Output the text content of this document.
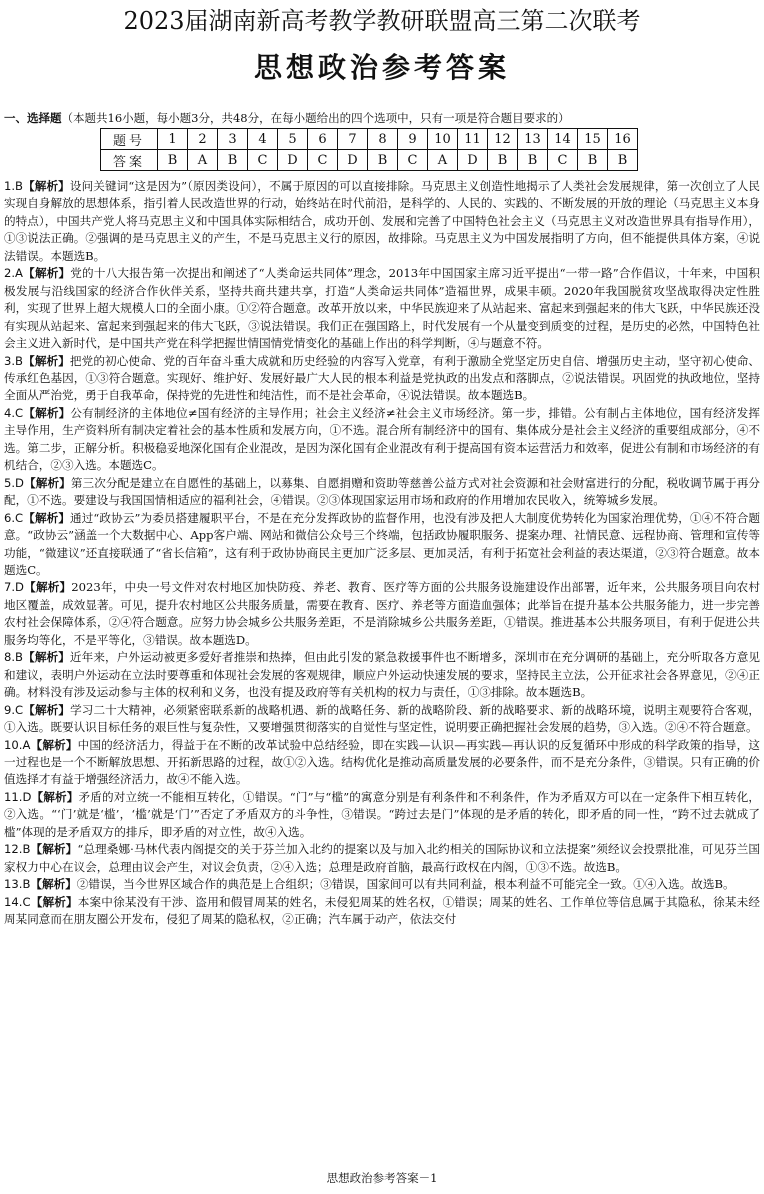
2023届湖南新高考教学教研联盟高三第二次联考
思想政治参考答案
一、选择题（本题共16小题，每小题3分，共48分，在每小题给出的四个选项中，只有一项是符合题目要求的）
题号	1	2	3	4	5	6	7	8	9	10	11	12	13	14	15	16
答案	B	A	B	C	D	C	D	B	C	A	D	B	B	C	B	B

1.B【解析】设问关键词“这是因为”（原因类设问），不属于原因的可以直接排除。马克思主义创造性地揭示了人类社会发展规律，第一次创立了人民实现自身解放的思想体系，指引着人民改造世界的行动，始终站在时代前沿，是科学的、人民的、实践的、不断发展的开放的理论（马克思主义本身的特点），中国共产党人将马克思主义和中国具体实际相结合，成功开创、发展和完善了中国特色社会主义（马克思主义对改造世界具有指导作用），①③说法正确。②强调的是马克思主义的产生，不是马克思主义行的原因，故排除。马克思主义为中国发展指明了方向，但不能提供具体方案，④说法错误。本题选B。

2.A【解析】党的十八大报告第一次提出和阐述了“人类命运共同体”理念，2013年中国国家主席习近平提出“一带一路”合作倡议，十年来，中国积极发展与沿线国家的经济合作伙伴关系，坚持共商共建共享，打造“人类命运共同体”造福世界，成果丰硕。2020年我国脱贫攻坚战取得决定性胜利，实现了世界上超大规模人口的全面小康。①②符合题意。改革开放以来，中华民族迎来了从站起来、富起来到强起来的伟大飞跃，中华民族还没有实现从站起来、富起来到强起来的伟大飞跃，③说法错误。我们正在强国路上，时代发展有一个从量变到质变的过程，是历史的必然，中国特色社会主义进入新时代，是中国共产党在科学把握世情国情党情变化的基础上作出的科学判断，④与题意不符。

3.B【解析】把党的初心使命、党的百年奋斗重大成就和历史经验的内容写入党章，有利于激励全党坚定历史自信、增强历史主动，坚守初心使命、传承红色基因，①③符合题意。实现好、维护好、发展好最广大人民的根本利益是党执政的出发点和落脚点，②说法错误。巩固党的执政地位，坚持全面从严治党，勇于自我革命，保持党的先进性和纯洁性，而不是社会革命，④说法错误。故本题选B。

4.C【解析】公有制经济的主体地位≠国有经济的主导作用；社会主义经济≠社会主义市场经济。第一步，排错。公有制占主体地位，国有经济发挥主导作用，生产资料所有制决定着社会的基本性质和发展方向，①不选。混合所有制经济中的国有、集体成分是社会主义经济的重要组成部分，④不选。第二步，正解分析。积极稳妥地深化国有企业混改，是因为深化国有企业混改有利于提高国有资本运营活力和效率，促进公有制和市场经济的有机结合，②③入选。本题选C。

5.D【解析】第三次分配是建立在自愿性的基础上，以募集、自愿捐赠和资助等慈善公益方式对社会资源和社会财富进行的分配，税收调节属于再分配，①不选。要建设与我国国情相适应的福利社会，④错误。②③体现国家运用市场和政府的作用增加农民收入，统筹城乡发展。

6.C【解析】通过“政协云”为委员搭建履职平台，不是在充分发挥政协的监督作用，也没有涉及把人大制度优势转化为国家治理优势，①④不符合题意。“政协云”涵盖一个大数据中心、App客户端、网站和微信公众号三个终端，包括政协履职服务、提案办理、社情民意、远程协商、管理和宣传等功能，“微建议”还直接联通了“省长信箱”，这有利于政协协商民主更加广泛多层、更加灵活，有利于拓宽社会利益的表达渠道，②③符合题意。故本题选C。

7.D【解析】2023年，中央一号文件对农村地区加快防疫、养老、教育、医疗等方面的公共服务设施建设作出部署，近年来，公共服务项目向农村地区覆盖，成效显著。可见，提升农村地区公共服务质量，需要在教育、医疗、养老等方面造血强体；此举旨在提升基本公共服务能力，进一步完善农村社会保障体系，②④符合题意。应努力协会城乡公共服务差距，不是消除城乡公共服务差距，①错误。推进基本公共服务项目，有利于促进公共服务均等化，不是平等化，③错误。故本题选D。

8.B【解析】近年来，户外运动被更多爱好者推崇和热捧，但由此引发的紧急救援事件也不断增多，深圳市在充分调研的基础上，充分听取各方意见和建议，表明户外运动在立法时要尊重和体现社会发展的客观规律，顺应户外运动快速发展的要求，坚持民主立法，公开征求社会各界意见，②④正确。材料没有涉及运动参与主体的权利和义务，也没有提及政府等有关机构的权力与责任，①③排除。故本题选B。

9.C【解析】学习二十大精神，必须紧密联系新的战略机遇、新的战略任务、新的战略阶段、新的战略要求、新的战略环境，说明主观要符合客观，①入选。既要认识目标任务的艰巨性与复杂性，又要增强贯彻落实的自觉性与坚定性，说明要正确把握社会发展的趋势，③入选。②④不符合题意。

10.A【解析】中国的经济活力，得益于在不断的改革试验中总结经验，即在实践—认识—再实践—再认识的反复循环中形成的科学政策的指导，这一过程也是一个不断解放思想、开拓新思路的过程，故①②入选。结构优化是推动高质量发展的必要条件，而不是充分条件，③错误。只有正确的价值选择才有益于增强经济活力，故④不能入选。

11.D【解析】矛盾的对立统一不能相互转化，①错误。“门”与“槛”的寓意分别是有利条件和不利条件，作为矛盾双方可以在一定条件下相互转化，②入选。“‘门’就是‘槛’，‘槛’就是‘门’”否定了矛盾双方的斗争性，③错误。“跨过去是门”体现的是矛盾的转化，即矛盾的同一性，“跨不过去就成了槛”体现的是矛盾双方的排斥，即矛盾的对立性，故④入选。

12.B【解析】“总理桑娜·马林代表内阁提交的关于芬兰加入北约的提案以及与加入北约相关的国际协议和立法提案”须经议会投票批准，可见芬兰国家权力中心在议会，总理由议会产生，对议会负责，②④入选；总理是政府首脑，最高行政权在内阁，①③不选。故选B。

13.B【解析】②错误，当今世界区域合作的典范是上合组织；③错误，国家间可以有共同利益，根本利益不可能完全一致。①④入选。故选B。

14.C【解析】本案中徐某没有干涉、盗用和假冒周某的姓名，未侵犯周某的姓名权，①错误；周某的姓名、工作单位等信息属于其隐私，徐某未经周某同意而在朋友圈公开发布，侵犯了周某的隐私权，②正确；汽车属于动产，依法交付

思想政治参考答案－1
